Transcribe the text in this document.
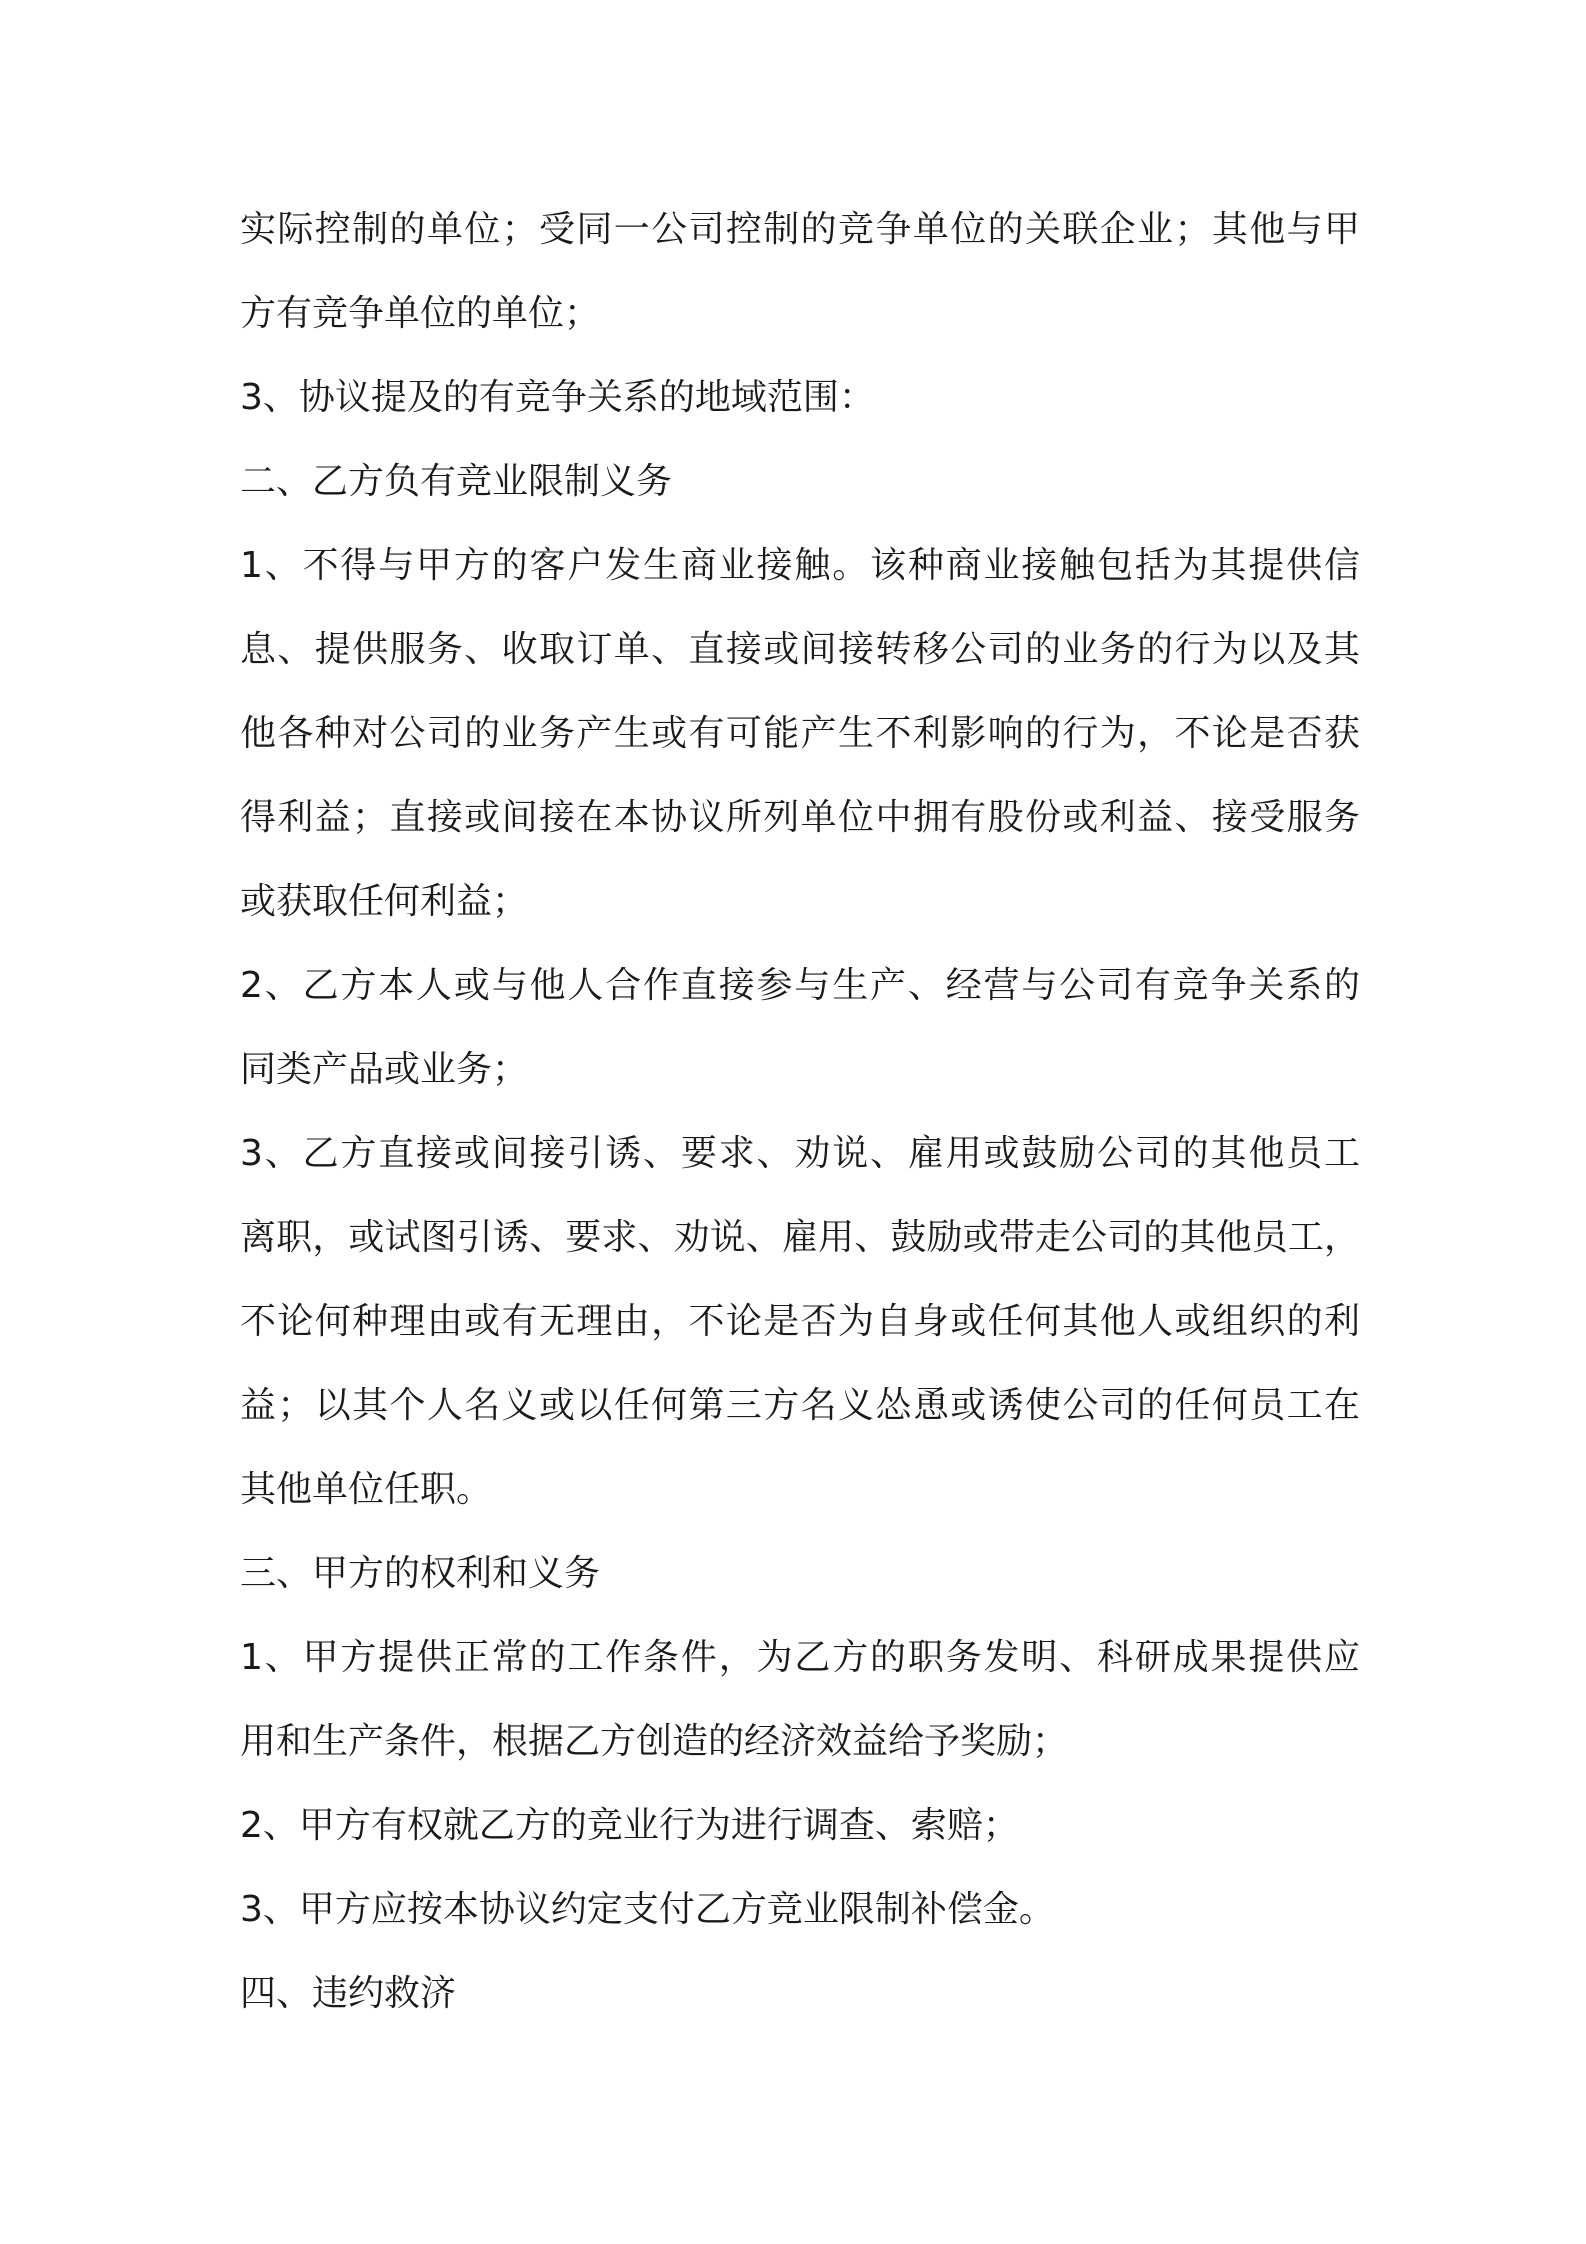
实际控制的单位；受同一公司控制的竞争单位的关联企业；其他与甲
方有竞争单位的单位；
3、协议提及的有竞争关系的地域范围：
二、乙方负有竞业限制义务
1、不得与甲方的客户发生商业接触。该种商业接触包括为其提供信
息、提供服务、收取订单、直接或间接转移公司的业务的行为以及其
他各种对公司的业务产生或有可能产生不利影响的行为，不论是否获
得利益；直接或间接在本协议所列单位中拥有股份或利益、接受服务
或获取任何利益；
2、乙方本人或与他人合作直接参与生产、经营与公司有竞争关系的
同类产品或业务；
3、乙方直接或间接引诱、要求、劝说、雇用或鼓励公司的其他员工
离职，或试图引诱、要求、劝说、雇用、鼓励或带走公司的其他员工，
不论何种理由或有无理由，不论是否为自身或任何其他人或组织的利
益；以其个人名义或以任何第三方名义怂恿或诱使公司的任何员工在
其他单位任职。
三、甲方的权利和义务
1、甲方提供正常的工作条件，为乙方的职务发明、科研成果提供应
用和生产条件，根据乙方创造的经济效益给予奖励；
2、甲方有权就乙方的竞业行为进行调查、索赔；
3、甲方应按本协议约定支付乙方竞业限制补偿金。
四、违约救济
